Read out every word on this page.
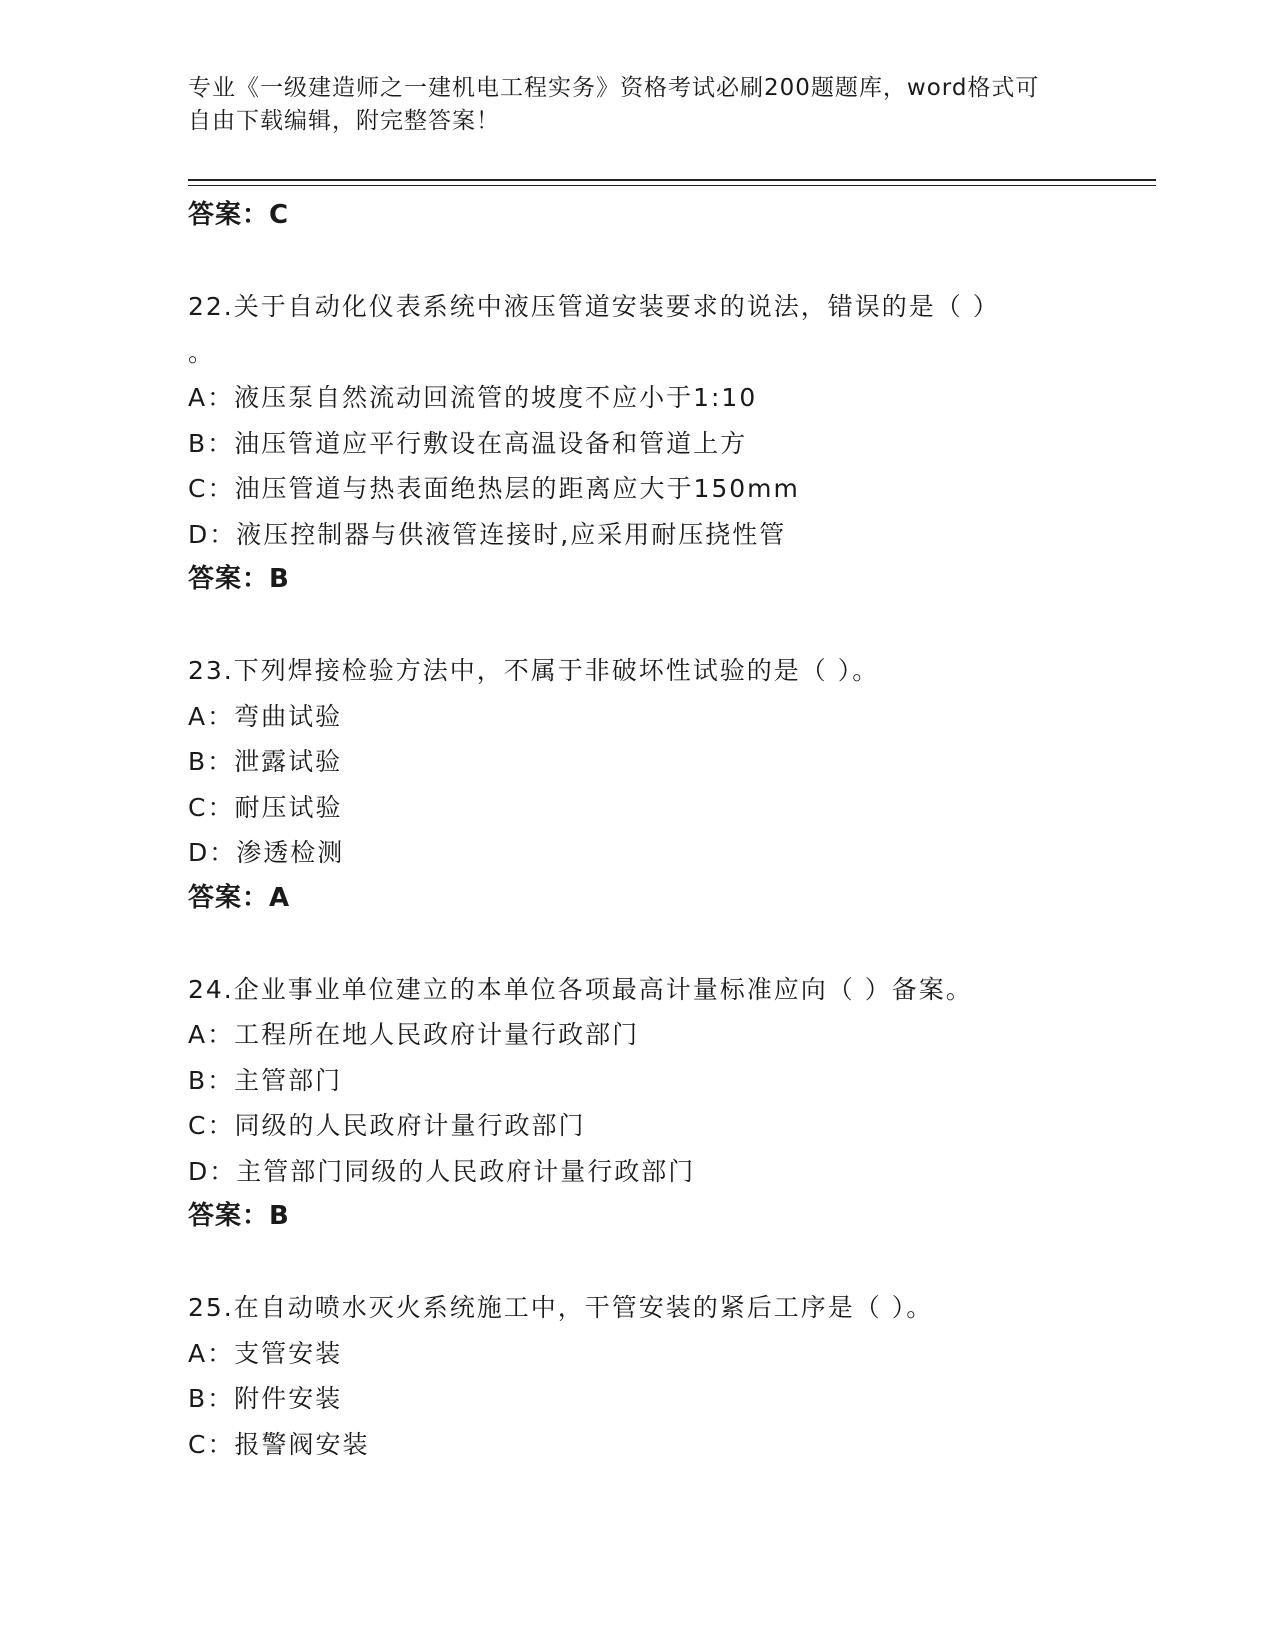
专业《一级建造师之一建机电工程实务》资格考试必刷200题题库，word格式可
自由下载编辑，附完整答案！
答案：C
22.关于自动化仪表系统中液压管道安装要求的说法，错误的是（ ）
。
A：液压泵自然流动回流管的坡度不应小于1:10
B：油压管道应平行敷设在高温设备和管道上方
C：油压管道与热表面绝热层的距离应大于150mm
D：液压控制器与供液管连接时,应采用耐压挠性管
答案：B
23.下列焊接检验方法中，不属于非破坏性试验的是（ ）。
A：弯曲试验
B：泄露试验
C：耐压试验
D：渗透检测
答案：A
24.企业事业单位建立的本单位各项最高计量标准应向（ ）备案。
A：工程所在地人民政府计量行政部门
B：主管部门
C：同级的人民政府计量行政部门
D：主管部门同级的人民政府计量行政部门
答案：B
25.在自动喷水灭火系统施工中，干管安装的紧后工序是（ ）。
A：支管安装
B：附件安装
C：报警阀安装
